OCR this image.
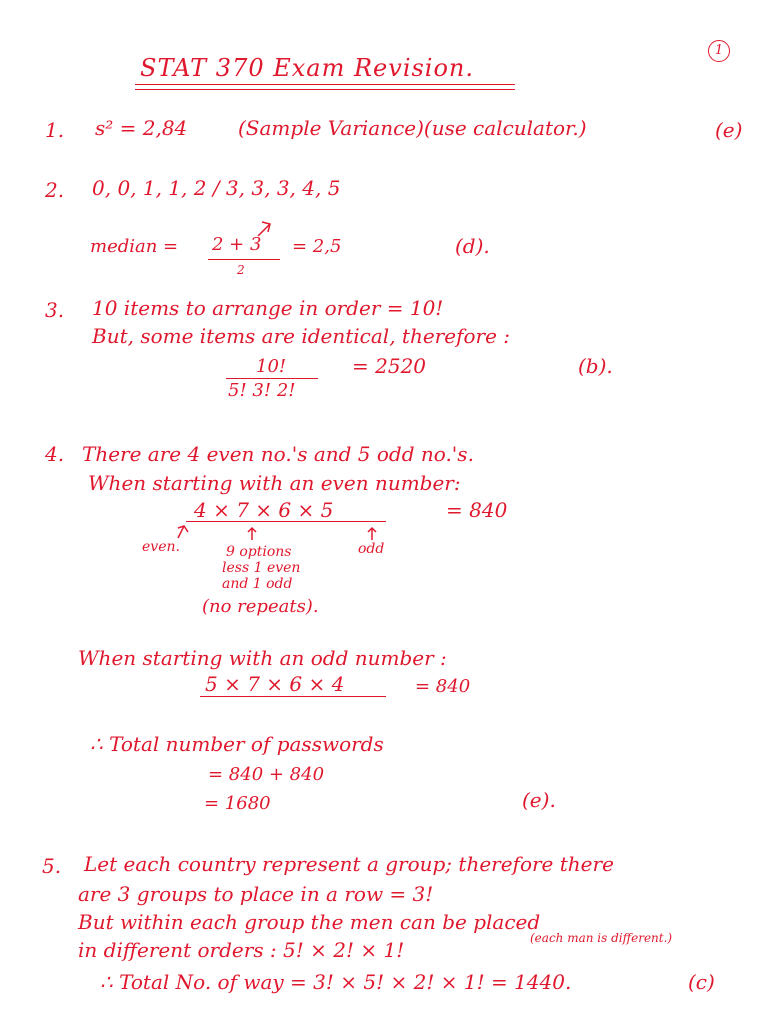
1
STAT 370 Exam Revision.
1. s² = 2,84	(Sample Variance)(use calculator.)	(e)
2. 0, 0, 1, 1, 2 / 3, 3, 3, 4, 5
median = 2 + 3
2
= 2,5	(d).
3. 10 items to arrange in order = 10!
But, some items are identical, therefore :
10!
5! 3! 2!
= 2520	(b).
4. There are 4 even no.'s and 5 odd no.'s.
When starting with an even number:
4 × 7 × 6 × 5	= 840
even.	9 options
less 1 even
and 1 odd
odd
(no repeats).
When starting with an odd number :
5 × 7 × 6 × 4	= 840
∴ Total number of passwords
= 840 + 840
= 1680	(e).
5. Let each country represent a group; therefore there
are 3 groups to place in a row = 3!
But within each group the men can be placed
in different orders : 5! × 2! × 1!	(each man is different.)
∴ Total No. of way = 3! × 5! × 2! × 1! = 1440.	(c)
